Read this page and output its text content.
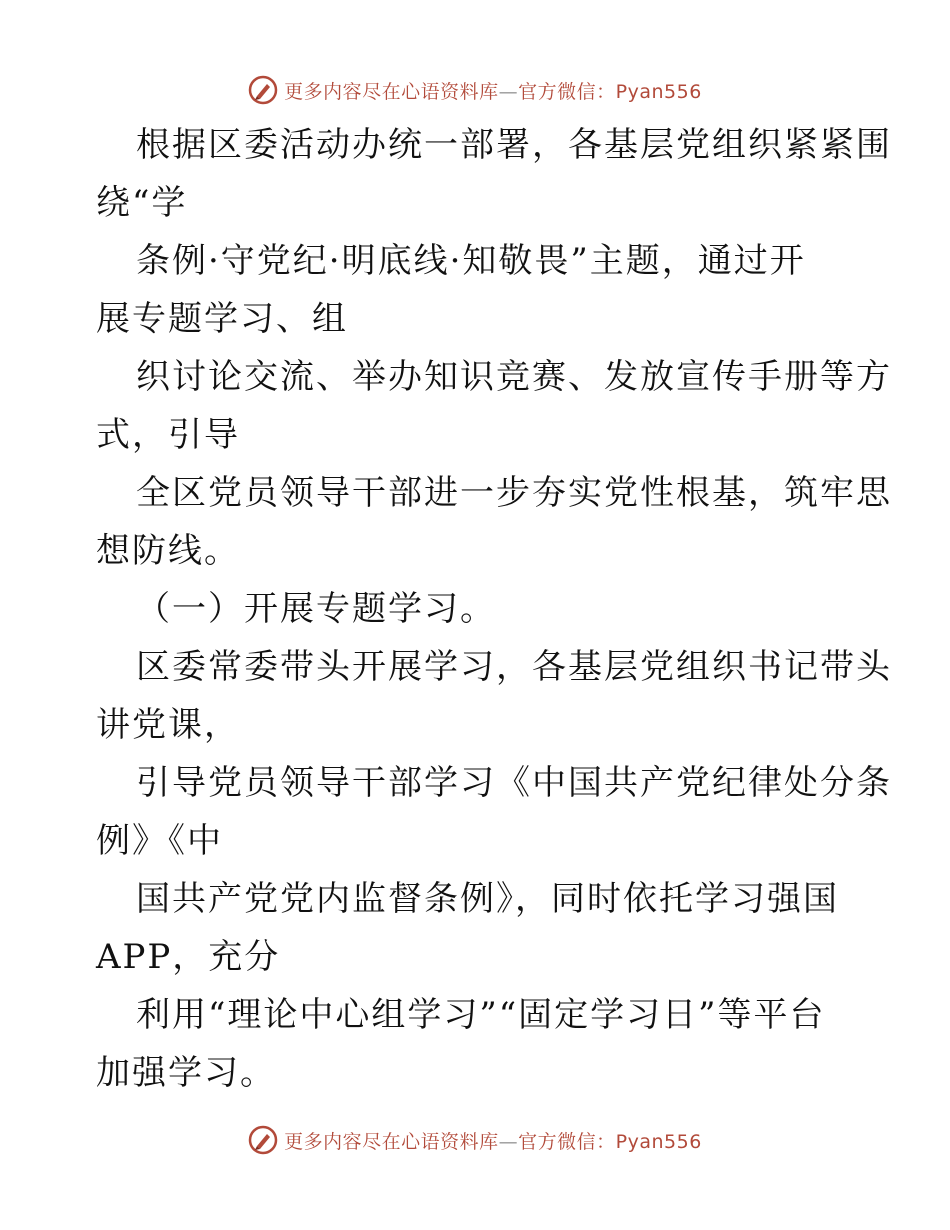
更多内容尽在心语资料库—官方微信：Pyan556
根据区委活动办统一部署，各基层党组织紧紧围
绕“学
条例·守党纪·明底线·知敬畏”主题，通过开
展专题学习、组
织讨论交流、举办知识竞赛、发放宣传手册等方
式，引导
全区党员领导干部进一步夯实党性根基，筑牢思
想防线。
（一）开展专题学习。
区委常委带头开展学习，各基层党组织书记带头
讲党课，
引导党员领导干部学习《中国共产党纪律处分条
例》《中
国共产党党内监督条例》，同时依托学习强国
APP，充分
利用“理论中心组学习”“固定学习日”等平台
加强学习。
更多内容尽在心语资料库—官方微信：Pyan556
